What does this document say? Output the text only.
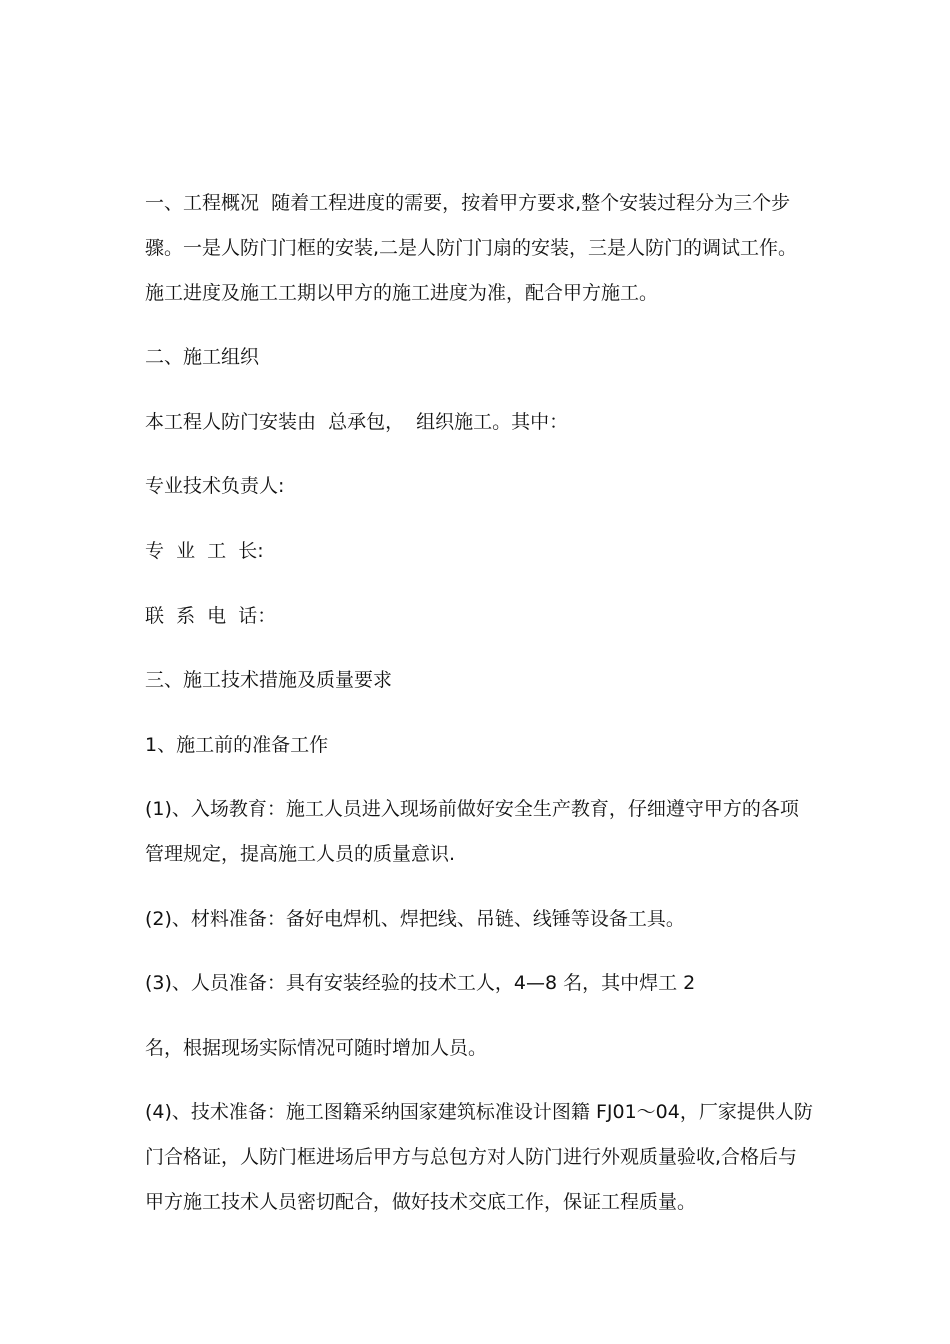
一、工程概况  随着工程进度的需要，按着甲方要求,整个安装过程分为三个步
骤。一是人防门门框的安装,二是人防门门扇的安装，三是人防门的调试工作。
施工进度及施工工期以甲方的施工进度为准，配合甲方施工。
二、施工组织
本工程人防门安装由  总承包，  组织施工。其中：
专业技术负责人:
专  业  工  长:
联  系  电  话：
三、施工技术措施及质量要求
1、施工前的准备工作
(1)、入场教育：施工人员进入现场前做好安全生产教育，仔细遵守甲方的各项
管理规定，提高施工人员的质量意识.
(2)、材料准备：备好电焊机、焊把线、吊链、线锤等设备工具。
(3)、人员准备：具有安装经验的技术工人，4—8 名，其中焊工 2
名，根据现场实际情况可随时增加人员。
(4)、技术准备：施工图籍采纳国家建筑标准设计图籍 FJ01～04，厂家提供人防
门合格证，人防门框进场后甲方与总包方对人防门进行外观质量验收,合格后与
甲方施工技术人员密切配合，做好技术交底工作，保证工程质量。
